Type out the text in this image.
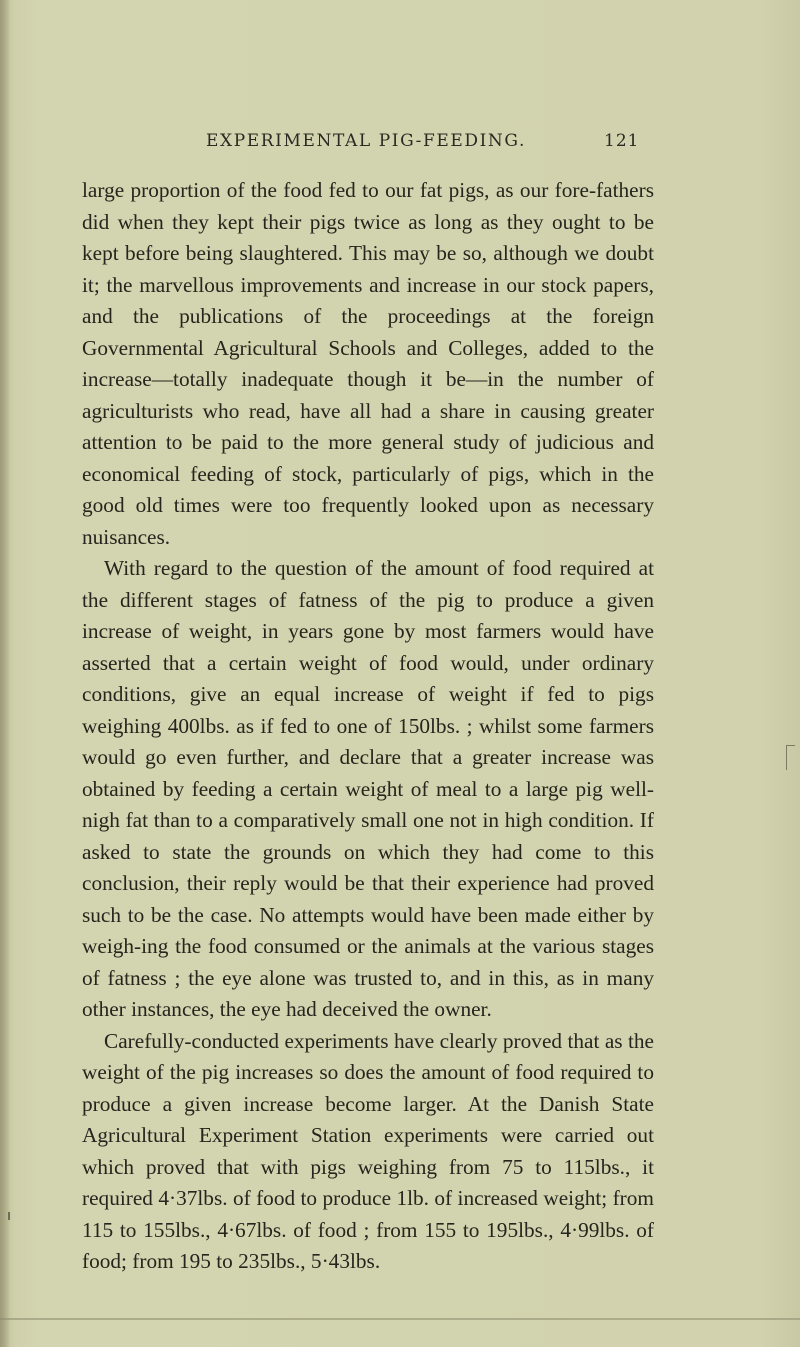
EXPERIMENTAL PIG-FEEDING.	121

large proportion of the food fed to our fat pigs, as our fore-fathers did when they kept their pigs twice as long as they ought to be kept before being slaughtered. This may be so, although we doubt it; the marvellous improvements and increase in our stock papers, and the publications of the proceedings at the foreign Governmental Agricultural Schools and Colleges, added to the increase—totally inadequate though it be—in the number of agriculturists who read, have all had a share in causing greater attention to be paid to the more general study of judicious and economical feeding of stock, particularly of pigs, which in the good old times were too frequently looked upon as necessary nuisances.

With regard to the question of the amount of food required at the different stages of fatness of the pig to produce a given increase of weight, in years gone by most farmers would have asserted that a certain weight of food would, under ordinary conditions, give an equal increase of weight if fed to pigs weighing 400lbs. as if fed to one of 150lbs. ; whilst some farmers would go even further, and declare that a greater increase was obtained by feeding a certain weight of meal to a large pig well-nigh fat than to a comparatively small one not in high condition. If asked to state the grounds on which they had come to this conclusion, their reply would be that their experience had proved such to be the case. No attempts would have been made either by weigh-ing the food consumed or the animals at the various stages of fatness ; the eye alone was trusted to, and in this, as in many other instances, the eye had deceived the owner.

Carefully-conducted experiments have clearly proved that as the weight of the pig increases so does the amount of food required to produce a given increase become larger. At the Danish State Agricultural Experiment Station experiments were carried out which proved that with pigs weighing from 75 to 115lbs., it required 4·37lbs. of food to produce 1lb. of increased weight; from 115 to 155lbs., 4·67lbs. of food ; from 155 to 195lbs., 4·99lbs. of food; from 195 to 235lbs., 5·43lbs.
